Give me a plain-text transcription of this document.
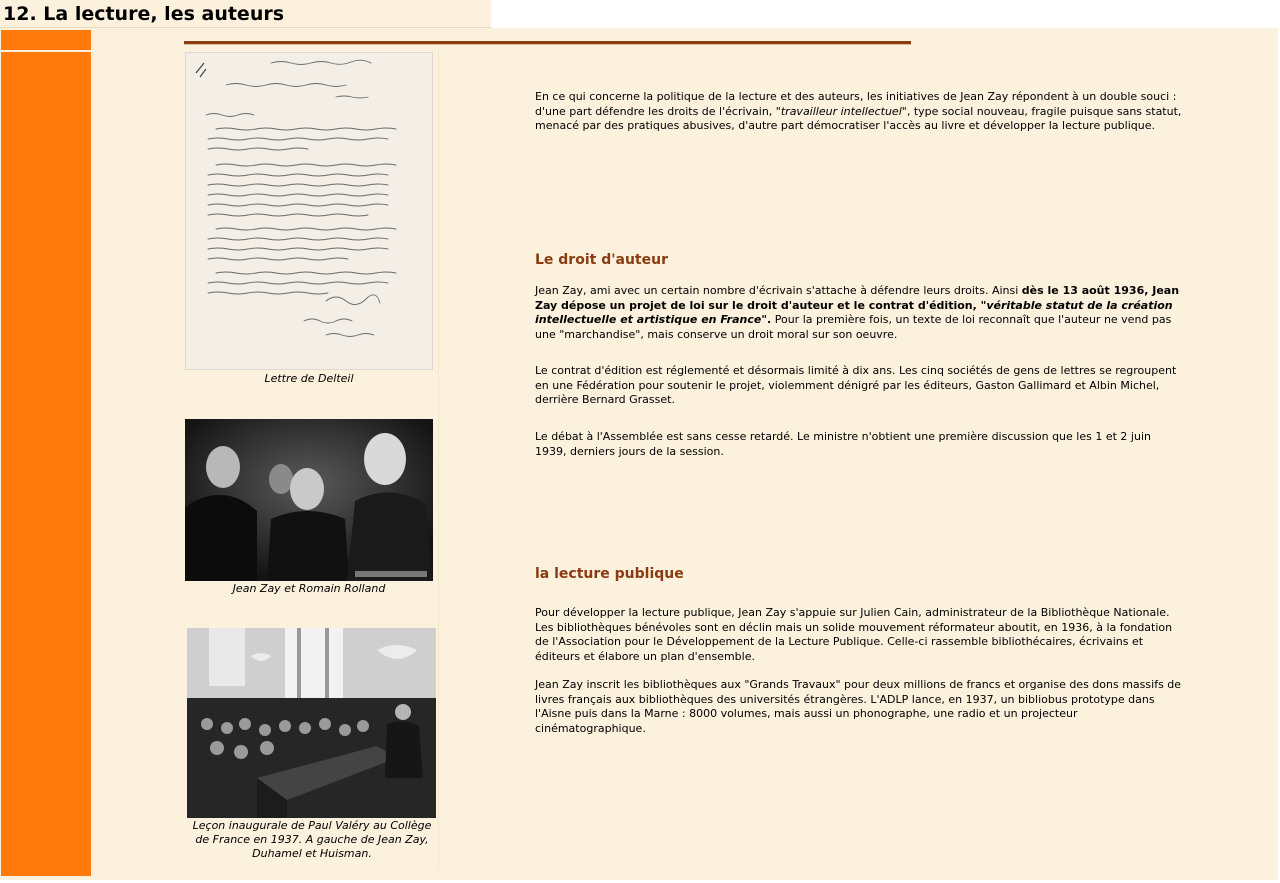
12. La lecture, les auteurs
Lettre de Delteil
Jean Zay et Romain Rolland
Leçon inaugurale de Paul Valéry au Collège de France en 1937. A gauche de Jean Zay, Duhamel et Huisman.

En ce qui concerne la politique de la lecture et des auteurs, les initiatives de Jean Zay répondent à un double souci : d'une part défendre les droits de l'écrivain, "travailleur intellectuel", type social nouveau, fragile puisque sans statut, menacé par des pratiques abusives, d'autre part démocratiser l'accès au livre et développer la lecture publique.

Le droit d'auteur

Jean Zay, ami avec un certain nombre d'écrivain s'attache à défendre leurs droits. Ainsi dès le 13 août 1936, Jean Zay dépose un projet de loi sur le droit d'auteur et le contrat d'édition, "véritable statut de la création intellectuelle et artistique en France". Pour la première fois, un texte de loi reconnaît que l'auteur ne vend pas une "marchandise", mais conserve un droit moral sur son oeuvre.

Le contrat d'édition est réglementé et désormais limité à dix ans. Les cinq sociétés de gens de lettres se regroupent en une Fédération pour soutenir le projet, violemment dénigré par les éditeurs, Gaston Gallimard et Albin Michel, derrière Bernard Grasset.

Le débat à l'Assemblée est sans cesse retardé. Le ministre n'obtient une première discussion que les 1 et 2 juin 1939, derniers jours de la session.

la lecture publique

Pour développer la lecture publique, Jean Zay s'appuie sur Julien Cain, administrateur de la Bibliothèque Nationale. Les bibliothèques bénévoles sont en déclin mais un solide mouvement réformateur aboutit, en 1936, à la fondation de l'Association pour le Développement de la Lecture Publique. Celle-ci rassemble bibliothécaires, écrivains et éditeurs et élabore un plan d'ensemble.

Jean Zay inscrit les bibliothèques aux "Grands Travaux" pour deux millions de francs et organise des dons massifs de livres français aux bibliothèques des universités étrangères. L'ADLP lance, en 1937, un bibliobus prototype dans l'Aisne puis dans la Marne : 8000 volumes, mais aussi un phonographe, une radio et un projecteur cinématographique.
